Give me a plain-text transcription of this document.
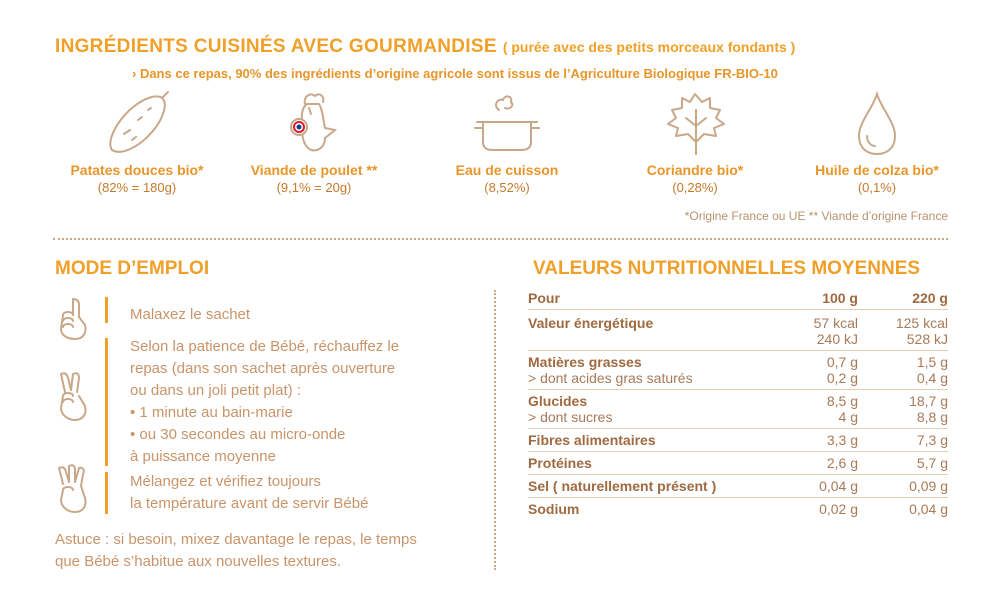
INGRÉDIENTS CUISINÉS AVEC GOURMANDISE ( purée avec des petits morceaux fondants )
› Dans ce repas, 90% des ingrédients d’origine agricole sont issus de l’Agriculture Biologique FR-BIO-10
Patates douces bio*
(82% = 180g)
Viande de poulet **
(9,1% = 20g)
Eau de cuisson
(8,52%)
Coriandre bio*
(0,28%)
Huile de colza bio*
(0,1%)
*Origine France ou UE ** Viande d’origine France
MODE D’EMPLOI
Malaxez le sachet
Selon la patience de Bébé, réchauffez le
repas (dans son sachet après ouverture
ou dans un joli petit plat) :
• 1 minute au bain-marie
• ou 30 secondes au micro-onde
à puissance moyenne
Mélangez et vérifiez toujours
la température avant de servir Bébé
Astuce : si besoin, mixez davantage le repas, le temps
que Bébé s’habitue aux nouvelles textures.
VALEURS NUTRITIONNELLES MOYENNES
Pour	100 g	220 g
Valeur énergétique	57 kcal	125 kcal
	240 kJ	528 kJ
Matières grasses	0,7 g	1,5 g
> dont acides gras saturés	0,2 g	0,4 g
Glucides	8,5 g	18,7 g
> dont sucres	4 g	8,8 g
Fibres alimentaires	3,3 g	7,3 g
Protéines	2,6 g	5,7 g
Sel ( naturellement présent )	0,04 g	0,09 g
Sodium	0,02 g	0,04 g
